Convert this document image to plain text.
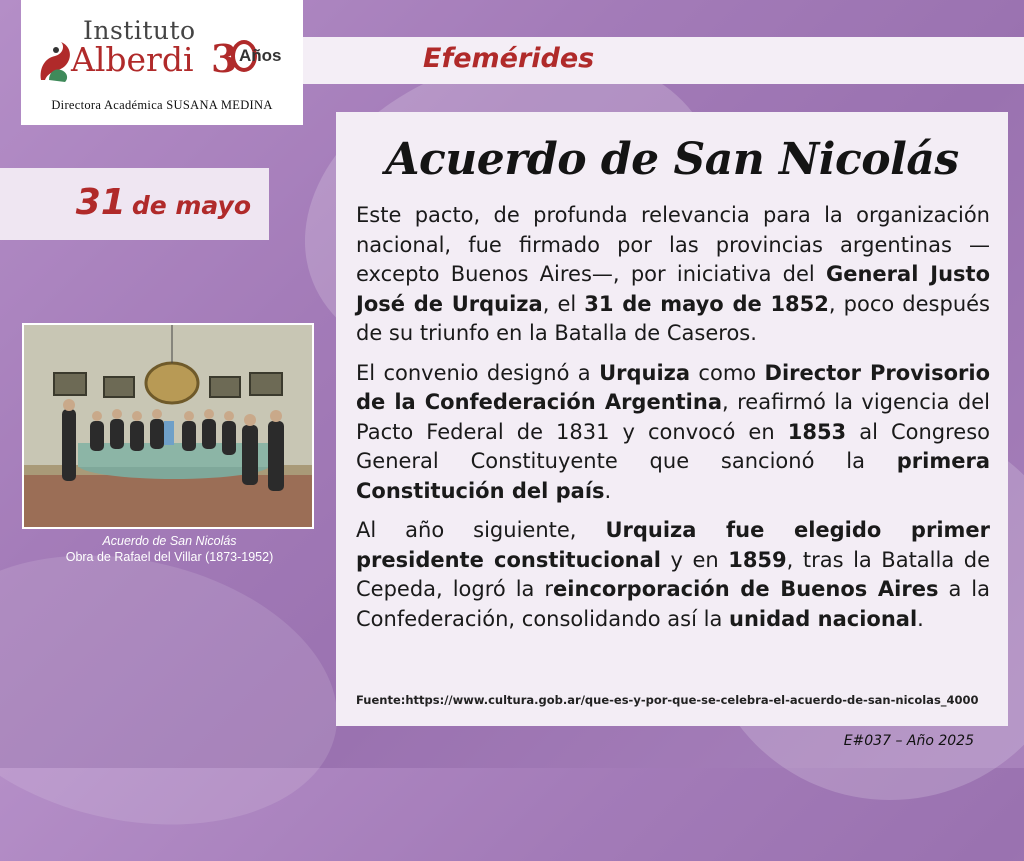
Instituto
Alberdi 3 Años
Directora Académica SUSANA MEDINA
Efemérides
31 de mayo
Acuerdo de San Nicolás
Obra de Rafael del Villar (1873-1952)
Acuerdo de San Nicolás

Este pacto, de profunda relevancia para la organización nacional, fue firmado por las provincias argentinas —excepto Buenos Aires—, por iniciativa del General Justo José de Urquiza, el 31 de mayo de 1852, poco después de su triunfo en la Batalla de Caseros.

El convenio designó a Urquiza como Director Provisorio de la Confederación Argentina, reafirmó la vigencia del Pacto Federal de 1831 y convocó en 1853 al Congreso General Constituyente que sancionó la primera Constitución del país.

Al año siguiente, Urquiza fue elegido primer presidente constitucional y en 1859, tras la Batalla de Cepeda, logró la reincorporación de Buenos Aires a la Confederación, consolidando así la unidad nacional.

Fuente:https://www.cultura.gob.ar/que-es-y-por-que-se-celebra-el-acuerdo-de-san-nicolas_4000
E#037 – Año 2025
